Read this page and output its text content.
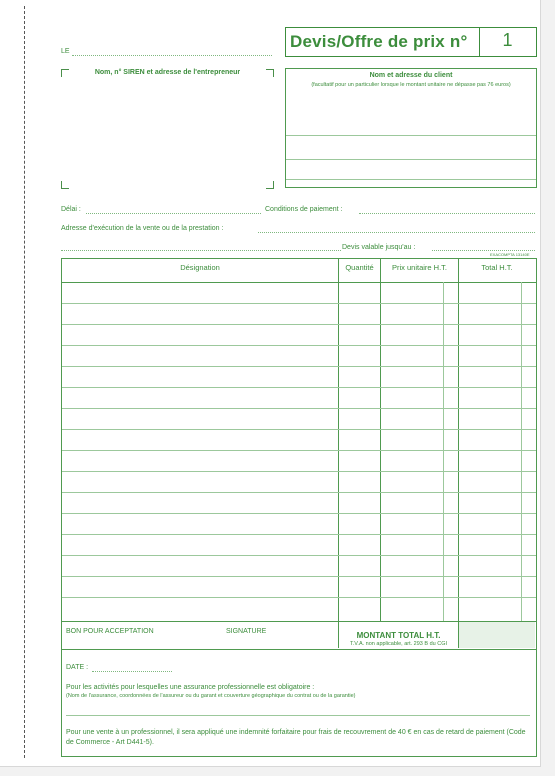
LE
Devis/Offre de prix n°	1
Nom, n° SIREN et adresse de l'entrepreneur	Nom et adresse du client
(facultatif pour un particulier lorsque le montant unitaire ne dépasse pas 76 euros)
Délai :	Conditions de paiement :
Adresse d'exécution de la vente ou de la prestation :
Devis valable jusqu'au :
EXACOMPTA 13140E
Désignation	Quantité	Prix unitaire H.T.	Total H.T.
BON POUR ACCEPTATION	SIGNATURE	MONTANT TOTAL H.T.
T.V.A. non applicable, art. 293 B du CGI
DATE :
Pour les activités pour lesquelles une assurance professionnelle est obligatoire :
(Nom de l'assurance, coordonnées de l'assureur ou du garant et couverture géographique du contrat ou de la garantie)
Pour une vente à un professionnel, il sera appliqué une indemnité forfaitaire pour frais de recouvrement de 40 € en cas de retard de paiement (Code de Commerce - Art D441-5).
